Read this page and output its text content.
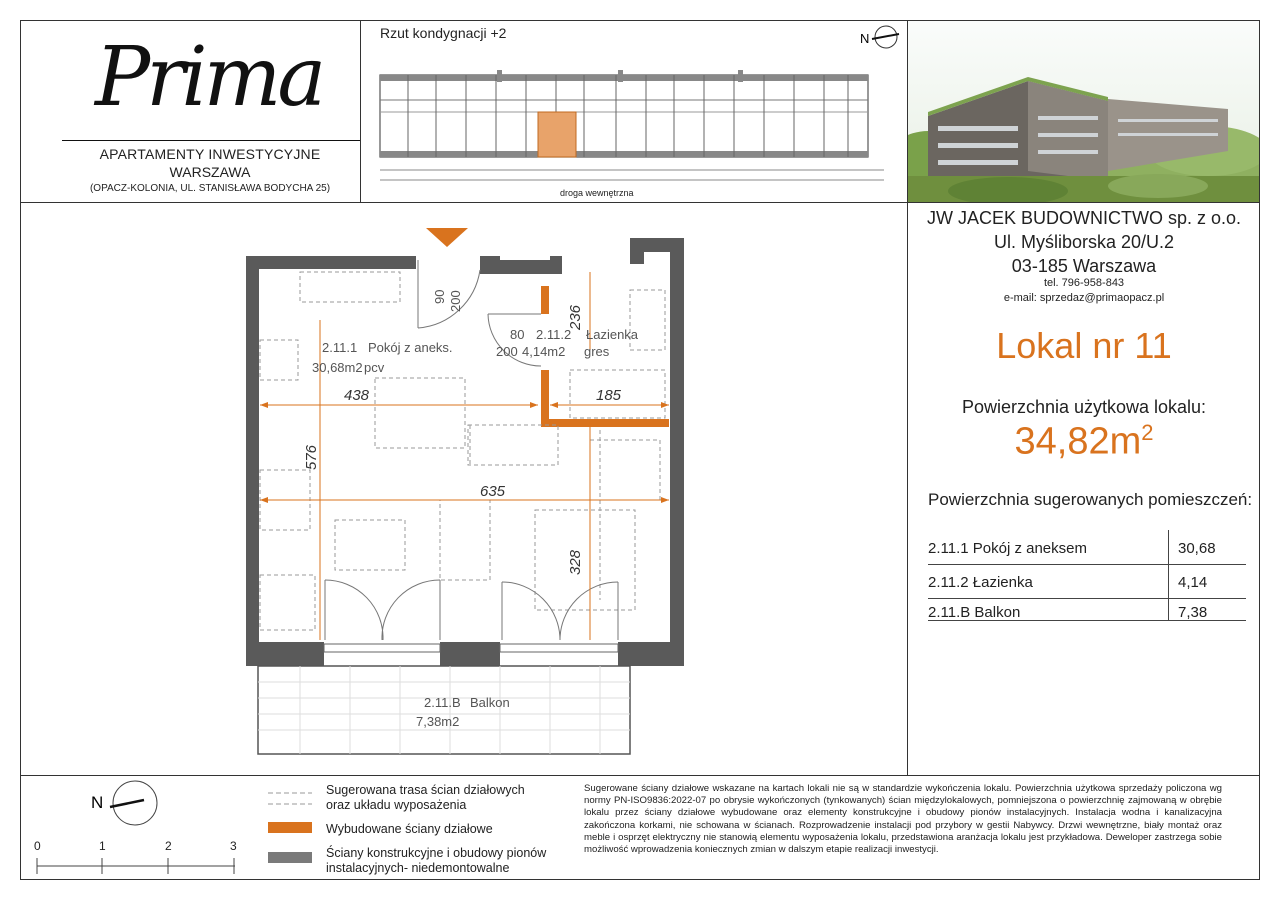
Prima
APARTAMENTY INWESTYCYJNE
WARSZAWA
(OPACZ-KOLONIA, UL. STANISŁAWA BODYCHA 25)
Rzut kondygnacji +2	N
droga wewnętrzna
JW JACEK BUDOWNICTWO sp. z o.o.
Ul. Myśliborska 20/U.2
03-185 Warszawa
tel. 796-958-843
e-mail: sprzedaz@primaopacz.pl
Lokal nr 11
Powierzchnia użytkowa lokalu:
$34,82m^2$
Powierzchnia sugerowanych pomieszczeń:
2.11.1 Pokój z aneksem	30,68
2.11.2 Łazienka	4,14
2.11.B Balkon	7,38
438	185
635
576
236
328
2.11.1 Pokój z aneks.
30,68m2 pcv
2.11.2 Łazienka
4,14m2 gres
80
200
2.11.B Balkon
7,38m2
90 200
N
0	1	2	3
Sugerowana trasa ścian działowych
oraz układu wyposażenia
Wybudowane ściany działowe
Ściany konstrukcyjne i obudowy pionów
instalacyjnych- niedemontowalne
Sugerowane ściany działowe wskazane na kartach lokali nie są w standardzie wykończenia lokalu. Powierzchnia użytkowa sprzedaży policzona wg normy PN-ISO9836:2022-07 po obrysie wykończonych (tynkowanych) ścian międzylokalowych, pomniejszona o powierzchnię zajmowaną w obrębie lokalu przez ściany działowe wybudowane oraz elementy konstrukcyjne i obudowy pionów instalacyjnych. Instalacja wodna i kanalizacyjna zakończona korkami, nie schowana w ścianach. Rozprowadzenie instalacji pod przybory w gestii Nabywcy. Drzwi wewnętrzne, biały montaż oraz meble i osprzęt elektryczny nie stanowią elementu wyposażenia lokalu, przedstawiona aranżacja lokalu jest przykładowa. Deweloper zastrzega sobie możliwość wprowadzenia koniecznych zmian w dalszym etapie realizacji inwestycji.
